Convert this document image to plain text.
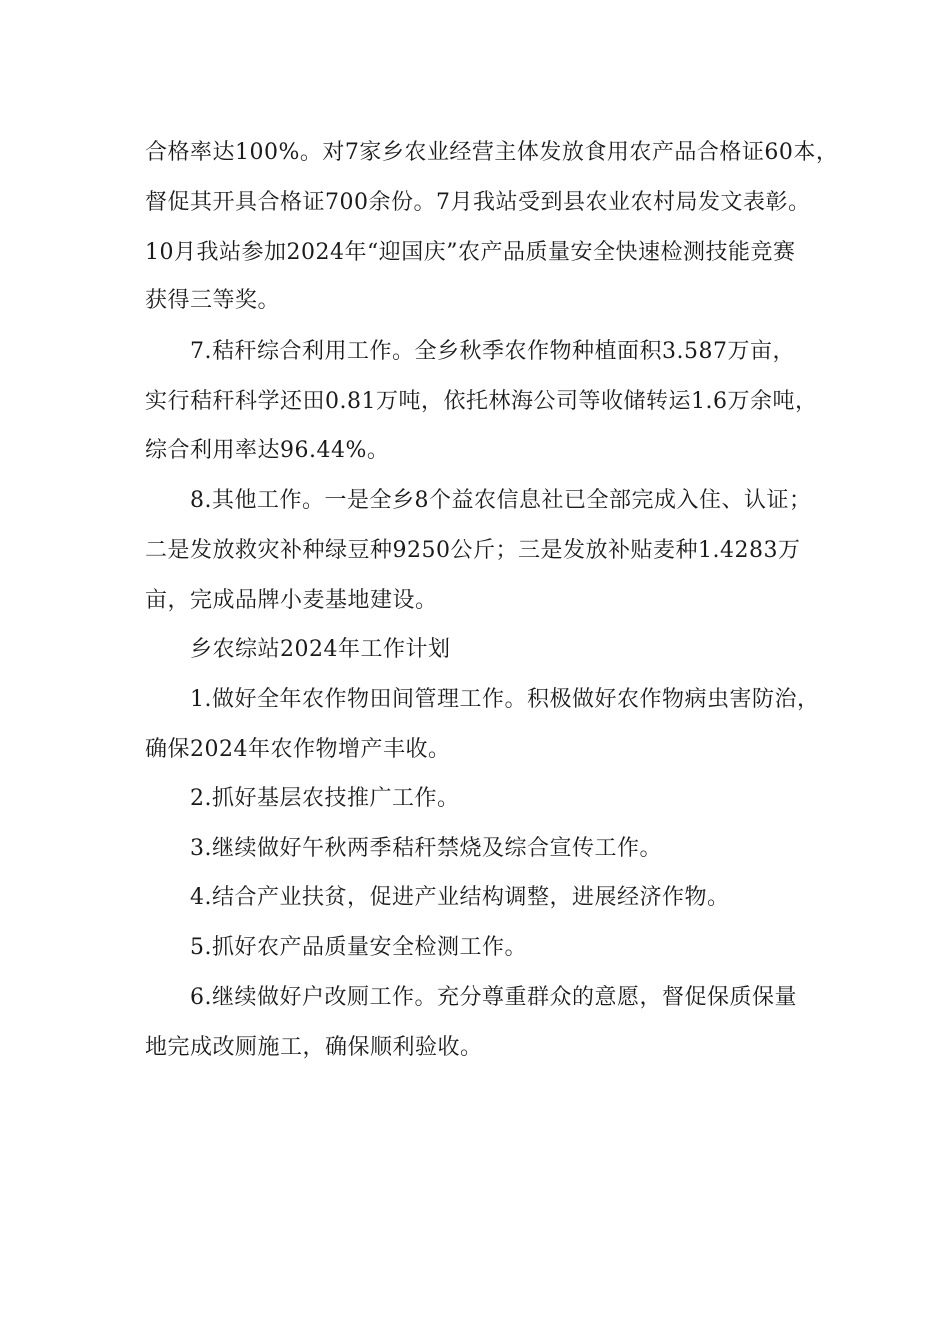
合格率达100%。对7家乡农业经营主体发放食用农产品合格证60本，
督促其开具合格证700余份。7月我站受到县农业农村局发文表彰。
10月我站参加2024年“迎国庆”农产品质量安全快速检测技能竞赛
获得三等奖。
7.秸秆综合利用工作。全乡秋季农作物种植面积3.587万亩，
实行秸秆科学还田0.81万吨，依托林海公司等收储转运1.6万余吨，
综合利用率达96.44%。
8.其他工作。一是全乡8个益农信息社已全部完成入住、认证；
二是发放救灾补种绿豆种9250公斤；三是发放补贴麦种1.4283万
亩，完成品牌小麦基地建设。
乡农综站2024年工作计划
1.做好全年农作物田间管理工作。积极做好农作物病虫害防治，
确保2024年农作物增产丰收。
2.抓好基层农技推广工作。
3.继续做好午秋两季秸秆禁烧及综合宣传工作。
4.结合产业扶贫，促进产业结构调整，进展经济作物。
5.抓好农产品质量安全检测工作。
6.继续做好户改厕工作。充分尊重群众的意愿，督促保质保量
地完成改厕施工，确保顺利验收。
